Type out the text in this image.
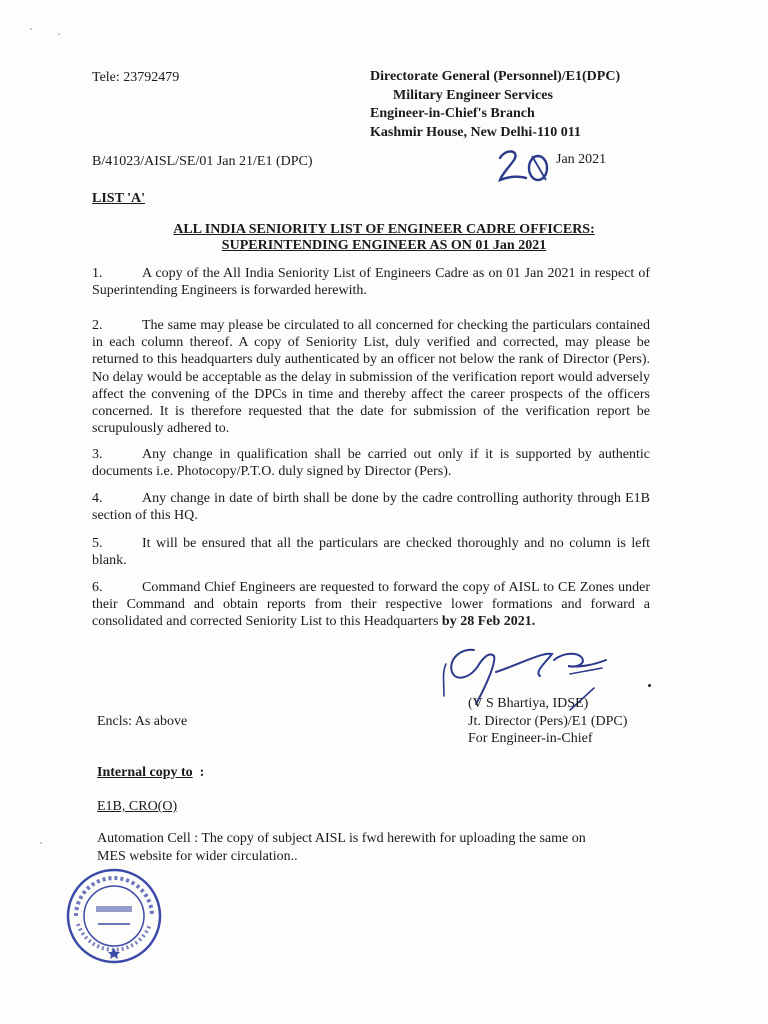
Tele: 23792479	Directorate General (Personnel)/E1(DPC)
Military Engineer Services
Engineer-in-Chief's Branch
Kashmir House, New Delhi-110 011
B/41023/AISL/SE/01 Jan 21/E1 (DPC)	Jan 2021
LIST 'A'
ALL INDIA SENIORITY LIST OF ENGINEER CADRE OFFICERS:
SUPERINTENDING ENGINEER AS ON 01 Jan 2021
1.	A copy of the All India Seniority List of Engineers Cadre as on 01 Jan 2021 in respect of Superintending Engineers is forwarded herewith.
2.	The same may please be circulated to all concerned for checking the particulars contained in each column thereof. A copy of Seniority List, duly verified and corrected, may please be returned to this headquarters duly authenticated by an officer not below the rank of Director (Pers). No delay would be acceptable as the delay in submission of the verification report would adversely affect the convening of the DPCs in time and thereby affect the career prospects of the officers concerned. It is therefore requested that the date for submission of the verification report be scrupulously adhered to.
3.	Any change in qualification shall be carried out only if it is supported by authentic documents i.e. Photocopy/P.T.O. duly signed by Director (Pers).
4.	Any change in date of birth shall be done by the cadre controlling authority through E1B section of this HQ.
5.	It will be ensured that all the particulars are checked thoroughly and no column is left blank.
6.	Command Chief Engineers are requested to forward the copy of AISL to CE Zones under their Command and obtain reports from their respective lower formations and forward a consolidated and corrected Seniority List to this Headquarters by 28 Feb 2021.
(V S Bhartiya, IDSE)
Jt. Director (Pers)/E1 (DPC)
For Engineer-in-Chief
Encls: As above
Internal copy to :
E1B, CRO(O)
Automation Cell : The copy of subject AISL is fwd herewith for uploading the same on MES website for wider circulation..
